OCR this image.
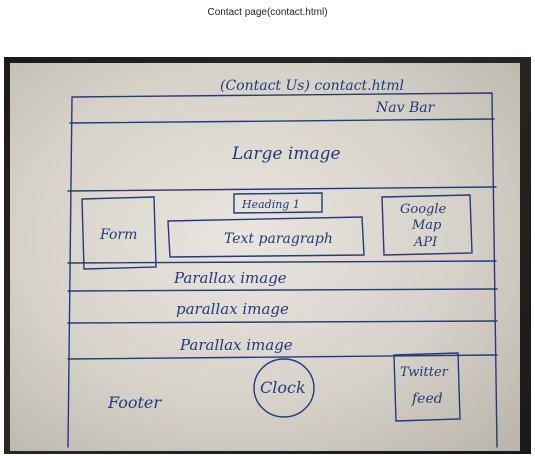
Contact page(contact.html)
(Contact Us) contact.html
Nav Bar
Large image
Heading 1
Form	Text paragraph
Google
Map
API
Parallax image
parallax image
Parallax image
Footer
Clock
Twitter
feed
